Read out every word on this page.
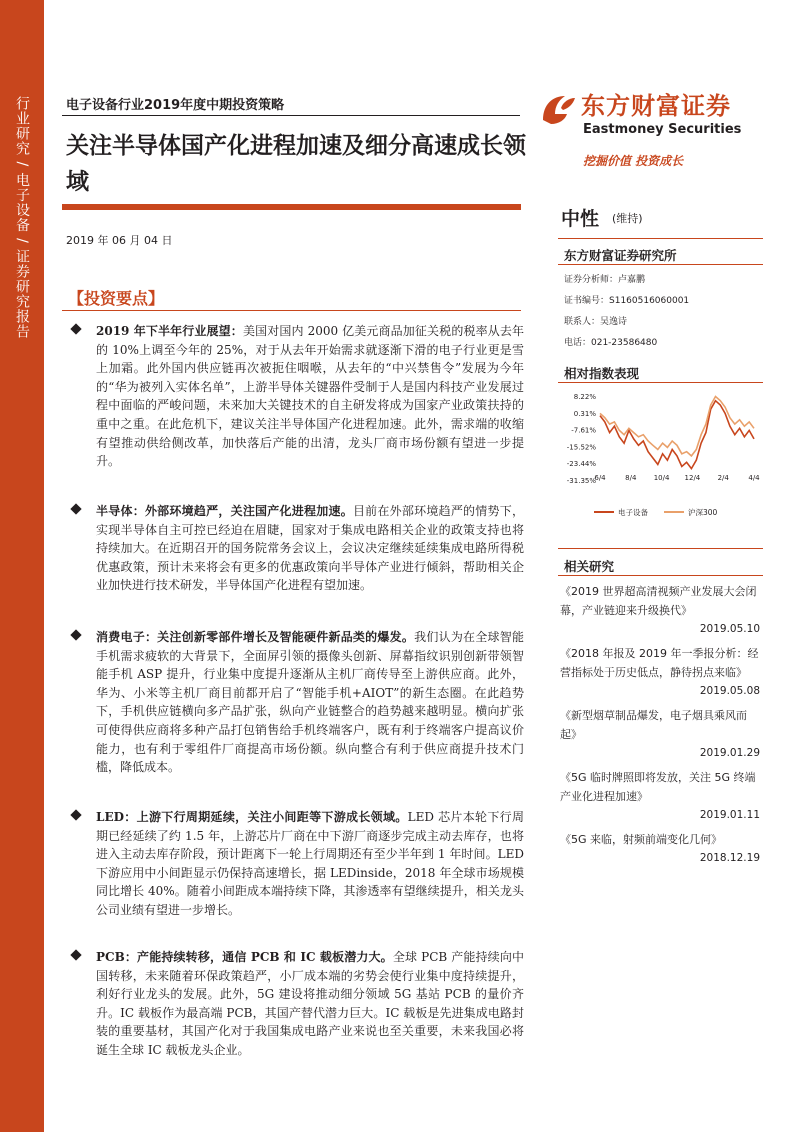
行业研究 / 电子设备 / 证券研究报告	电子设备行业2019年度中期投资策略
关注半导体国产化进程加速及细分高速成长领域
2019 年 06 月 04 日
东方财富证券
Eastmoney Securities
挖掘价值 投资成长
中性 (维持)
东方财富证券研究所
证券分析师：卢嘉鹏
证书编号：S1160516060001
联系人：吴逸诗
电话：021-23586480
相对指数表现
8.22%
0.31%
-7.61%
-15.52%
-23.44%
-31.35%
6/4	8/4 10/4 12/4 2/4	4/4
电子设备	沪深300
相关研究
《2019 世界超高清视频产业发展大会闭幕，产业链迎来升级换代》
2019.05.10
《2018 年报及 2019 年一季报分析：经营指标处于历史低点，静待拐点来临》
2019.05.08
《新型烟草制品爆发，电子烟具乘风而起》
2019.01.29
《5G 临时牌照即将发放，关注 5G 终端产业化进程加速》
2019.01.11
《5G 来临，射频前端变化几何》
2018.12.19
【投资要点】
2019 年下半年行业展望：美国对国内 2000 亿美元商品加征关税的税率从去年的 10%上调至今年的 25%，对于从去年开始需求就逐渐下滑的电子行业更是雪上加霜。此外国内供应链再次被扼住咽喉，从去年的“中兴禁售令”发展为今年的“华为被列入实体名单”，上游半导体关键器件受制于人是国内科技产业发展过程中面临的严峻问题，未来加大关键技术的自主研发将成为国家产业政策扶持的重中之重。在此危机下，建议关注半导体国产化进程加速。此外，需求端的收缩有望推动供给侧改革，加快落后产能的出清，龙头厂商市场份额有望进一步提升。
半导体：外部环境趋严，关注国产化进程加速。目前在外部环境趋严的情势下，实现半导体自主可控已经迫在眉睫，国家对于集成电路相关企业的政策支持也将持续加大。在近期召开的国务院常务会议上，会议决定继续延续集成电路所得税优惠政策，预计未来将会有更多的优惠政策向半导体产业进行倾斜，帮助相关企业加快进行技术研发，半导体国产化进程有望加速。
消费电子：关注创新零部件增长及智能硬件新品类的爆发。我们认为在全球智能手机需求疲软的大背景下，全面屏引领的摄像头创新、屏幕指纹识别创新带领智能手机 ASP 提升，行业集中度提升逐渐从主机厂商传导至上游供应商。此外，华为、小米等主机厂商目前都开启了“智能手机+AIOT”的新生态圈。在此趋势下，手机供应链横向多产品扩张，纵向产业链整合的趋势越来越明显。横向扩张可使得供应商将多种产品打包销售给手机终端客户，既有利于终端客户提高议价能力，也有利于零组件厂商提高市场份额。纵向整合有利于供应商提升技术门槛，降低成本。
LED：上游下行周期延续，关注小间距等下游成长领域。LED 芯片本轮下行周期已经延续了约 1.5 年，上游芯片厂商在中下游厂商逐步完成主动去库存，也将进入主动去库存阶段，预计距离下一轮上行周期还有至少半年到 1 年时间。LED 下游应用中小间距显示仍保持高速增长，据 LEDinside，2018 年全球市场规模同比增长 40%。随着小间距成本端持续下降，其渗透率有望继续提升，相关龙头公司业绩有望进一步增长。
PCB：产能持续转移，通信 PCB 和 IC 载板潜力大。全球 PCB 产能持续向中国转移，未来随着环保政策趋严，小厂成本端的劣势会使行业集中度持续提升，利好行业龙头的发展。此外，5G 建设将推动细分领域 5G 基站 PCB 的量价齐升。IC 载板作为最高端 PCB，其国产替代潜力巨大。IC 载板是先进集成电路封装的重要基材，其国产化对于我国集成电路产业来说也至关重要，未来我国必将诞生全球 IC 载板龙头企业。
